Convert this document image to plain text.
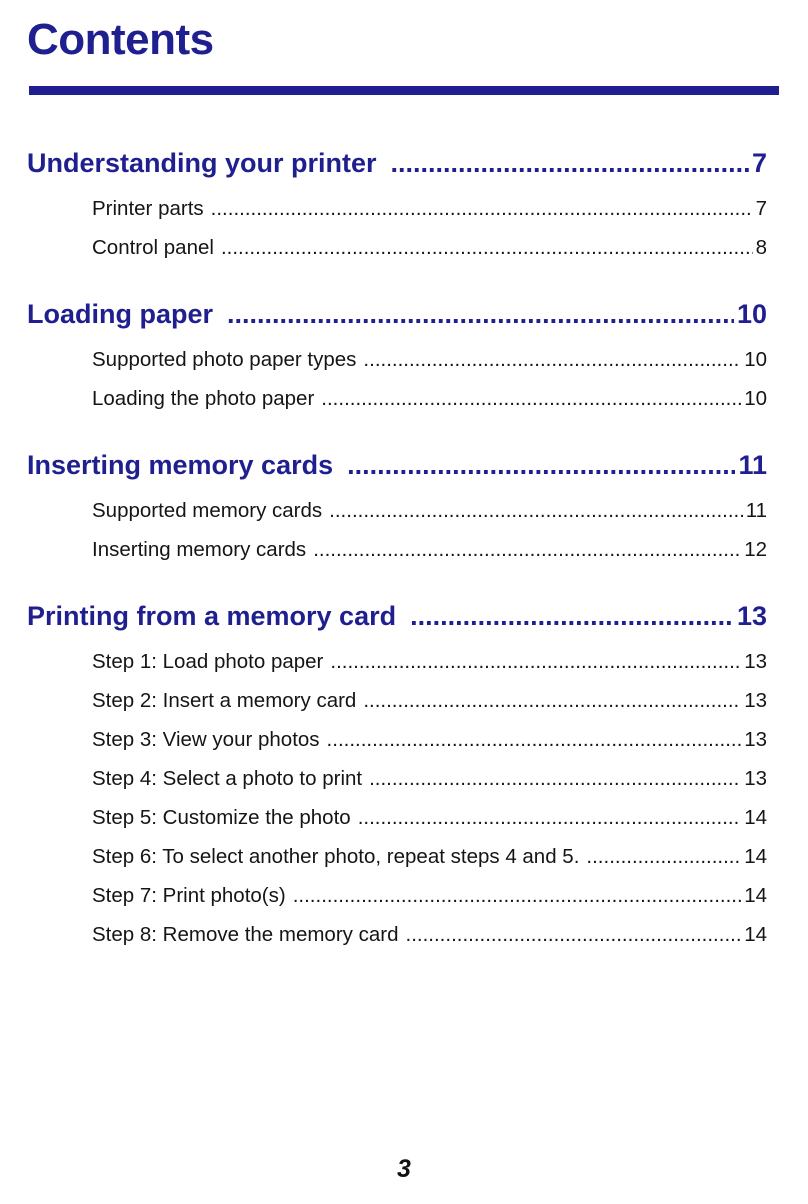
Contents
Understanding your printer .....	7
Printer parts .....	7
Control panel .....	8
Loading paper .....	10
Supported photo paper types .....	10
Loading the photo paper .....	10
Inserting memory cards .....	11
Supported memory cards .....	11
Inserting memory cards .....	12
Printing from a memory card .....	13
Step 1: Load photo paper .....	13
Step 2: Insert a memory card .....	13
Step 3: View your photos .....	13
Step 4: Select a photo to print .....	13
Step 5: Customize the photo .....	14
Step 6: To select another photo, repeat steps 4 and 5. .....	14
Step 7: Print photo(s) .....	14
Step 8: Remove the memory card .....	14
3
